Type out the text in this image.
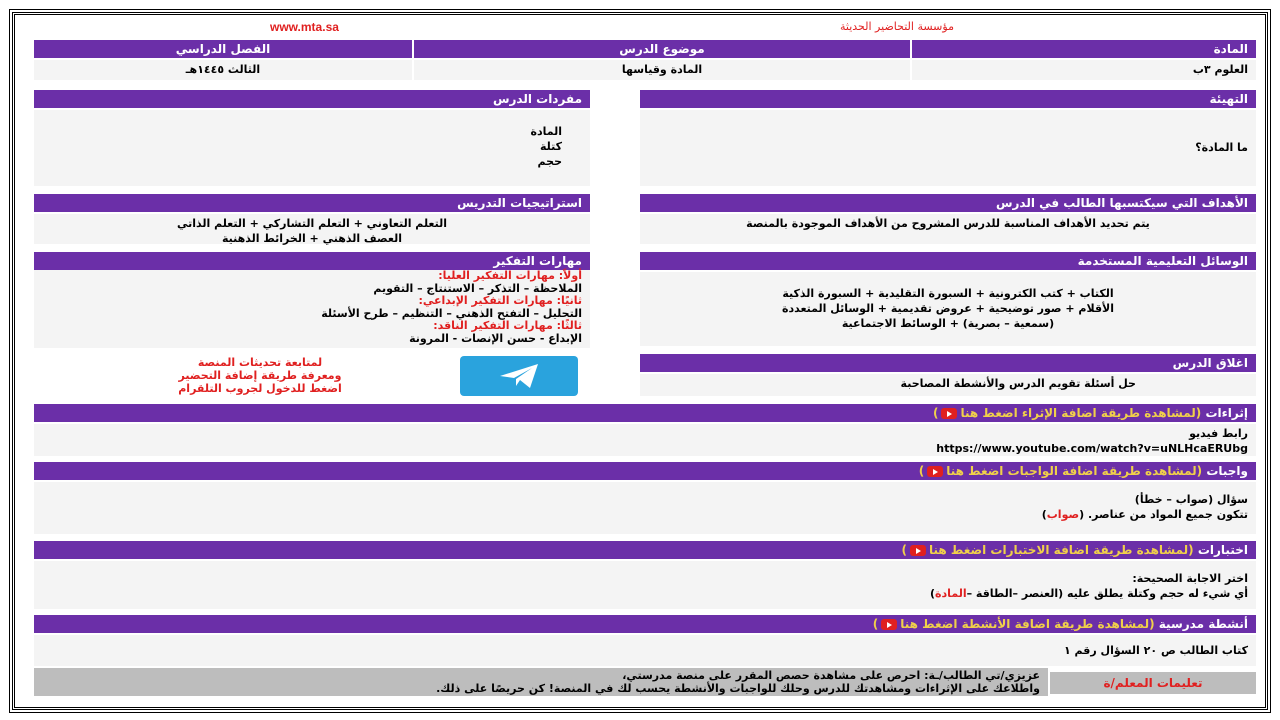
www.mta.sa	مؤسسة التحاضير الحديثة
المادة
العلوم ٣ب
موضوع الدرس
المادة وقياسها
الفصل الدراسي
الثالث ١٤٤٥هـ
التهيئة
ما المادة؟
مفردات الدرس
المادة
كتلة
حجم
الأهداف التي سيكتسبها الطالب في الدرس
يتم تحديد الأهداف المناسبة للدرس المشروح من الأهداف الموجودة بالمنصة
استراتيجيات التدريس
التعلم التعاوني + التعلم التشاركي + التعلم الذاتي
العصف الذهني + الخرائط الذهنية
الوسائل التعليمية المستخدمة
الكتاب + كتب الكترونية + السبورة التقليدية + السبورة الذكية
الأقلام + صور توضيحية + عروض تقديمية + الوسائل المتعددة
(سمعية – بصرية) + الوسائط الاجتماعية
مهارات التفكير
أولاً: مهارات التفكير العليا:
الملاحظة – التذكر – الاستنتاج – التقويم
ثانيًا: مهارات التفكير الإبداعي:
التحليل – التفتح الذهني – التنظيم – طرح الأسئلة
ثالثًا: مهارات التفكير الناقد:
الإبداع - حسن الإنصات - المرونة
اغلاق الدرس
حل أسئلة تقويم الدرس والأنشطة المصاحبة
لمتابعة تحديثات المنصة
ومعرفة طريقة إضافة التحضير
اضغط للدخول لجروب التلقرام
إثراءات

(لمشاهدة طريقة اضافة الإثراء اضغط هنا
)
رابط فيديو
https://www.youtube.com/watch?v=uNLHcaERUbg
واجبات

(لمشاهدة طريقة اضافة الواجبات اضغط هنا
)
سؤال (صواب – خطأ)
تتكون جميع المواد من عناصر. (صواب)
اختبارات

(لمشاهدة طريقة اضافة الاختبارات اضغط هنا
)
اختر الاجابة الصحيحة:
أي شيء له حجم وكتلة يطلق عليه (العنصر –الطاقة –المادة)
أنشطة مدرسية

(لمشاهدة طريقة اضافة الأنشطة اضغط هنا
)
كتاب الطالب ص ٢٠ السؤال رقم ١
تعليمات المعلم/ة
عزيزي/تي الطالب/ـة: احرص على مشاهدة حصص المقرر على منصة مدرستي،
واطلاعك على الإثراءات ومشاهدتك للدرس وحلك للواجبات والأنشطة يحسب لك في المنصة! كن حريصًا على ذلك.
